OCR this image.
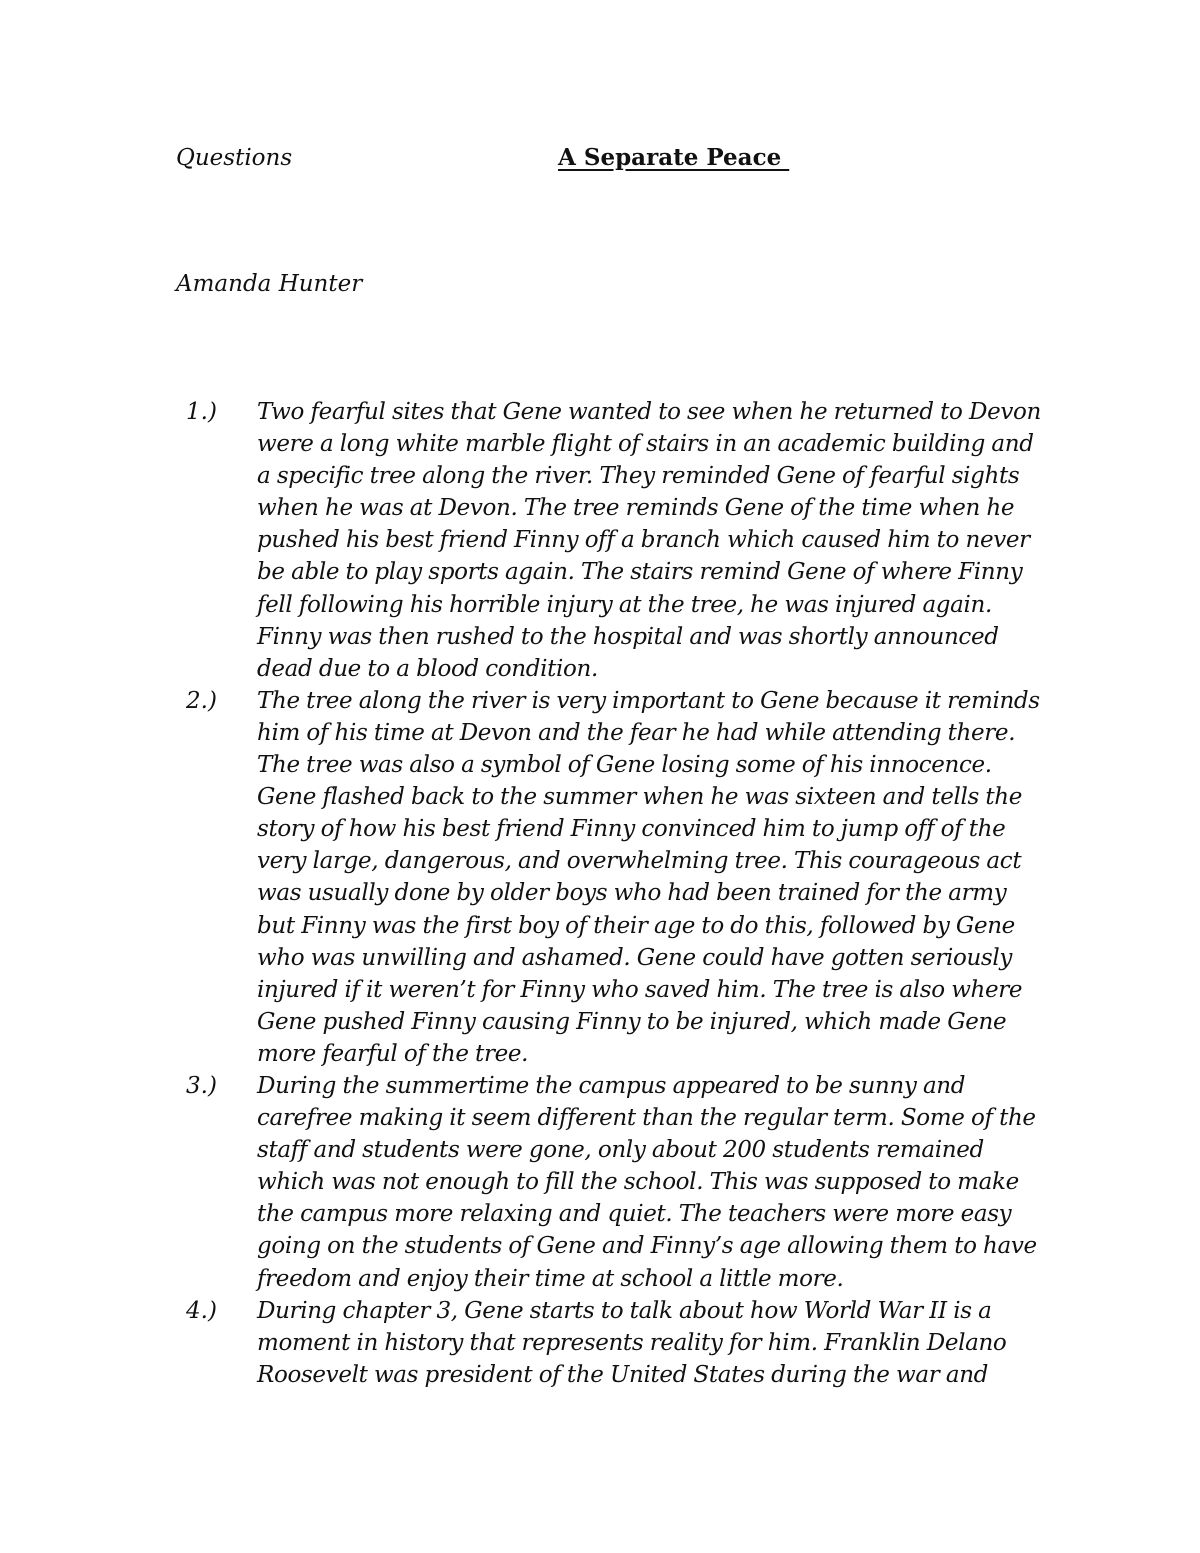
Questions	A Separate Peace
Amanda Hunter
1.) Two fearful sites that Gene wanted to see when he returned to Devon were a long white marble flight of stairs in an academic building and a specific tree along the river. They reminded Gene of fearful sights when he was at Devon. The tree reminds Gene of the time when he pushed his best friend Finny off a branch which caused him to never be able to play sports again. The stairs remind Gene of where Finny fell following his horrible injury at the tree, he was injured again. Finny was then rushed to the hospital and was shortly announced dead due to a blood condition.
2.) The tree along the river is very important to Gene because it reminds him of his time at Devon and the fear he had while attending there. The tree was also a symbol of Gene losing some of his innocence. Gene flashed back to the summer when he was sixteen and tells the story of how his best friend Finny convinced him to jump off of the very large, dangerous, and overwhelming tree. This courageous act was usually done by older boys who had been trained for the army but Finny was the first boy of their age to do this, followed by Gene who was unwilling and ashamed. Gene could have gotten seriously injured if it weren’t for Finny who saved him. The tree is also where Gene pushed Finny causing Finny to be injured, which made Gene more fearful of the tree.
3.) During the summertime the campus appeared to be sunny and carefree making it seem different than the regular term. Some of the staff and students were gone, only about 200 students remained which was not enough to fill the school. This was supposed to make the campus more relaxing and quiet. The teachers were more easy going on the students of Gene and Finny’s age allowing them to have freedom and enjoy their time at school a little more.
4.) During chapter 3, Gene starts to talk about how World War II is a moment in history that represents reality for him. Franklin Delano Roosevelt was president of the United States during the war and
